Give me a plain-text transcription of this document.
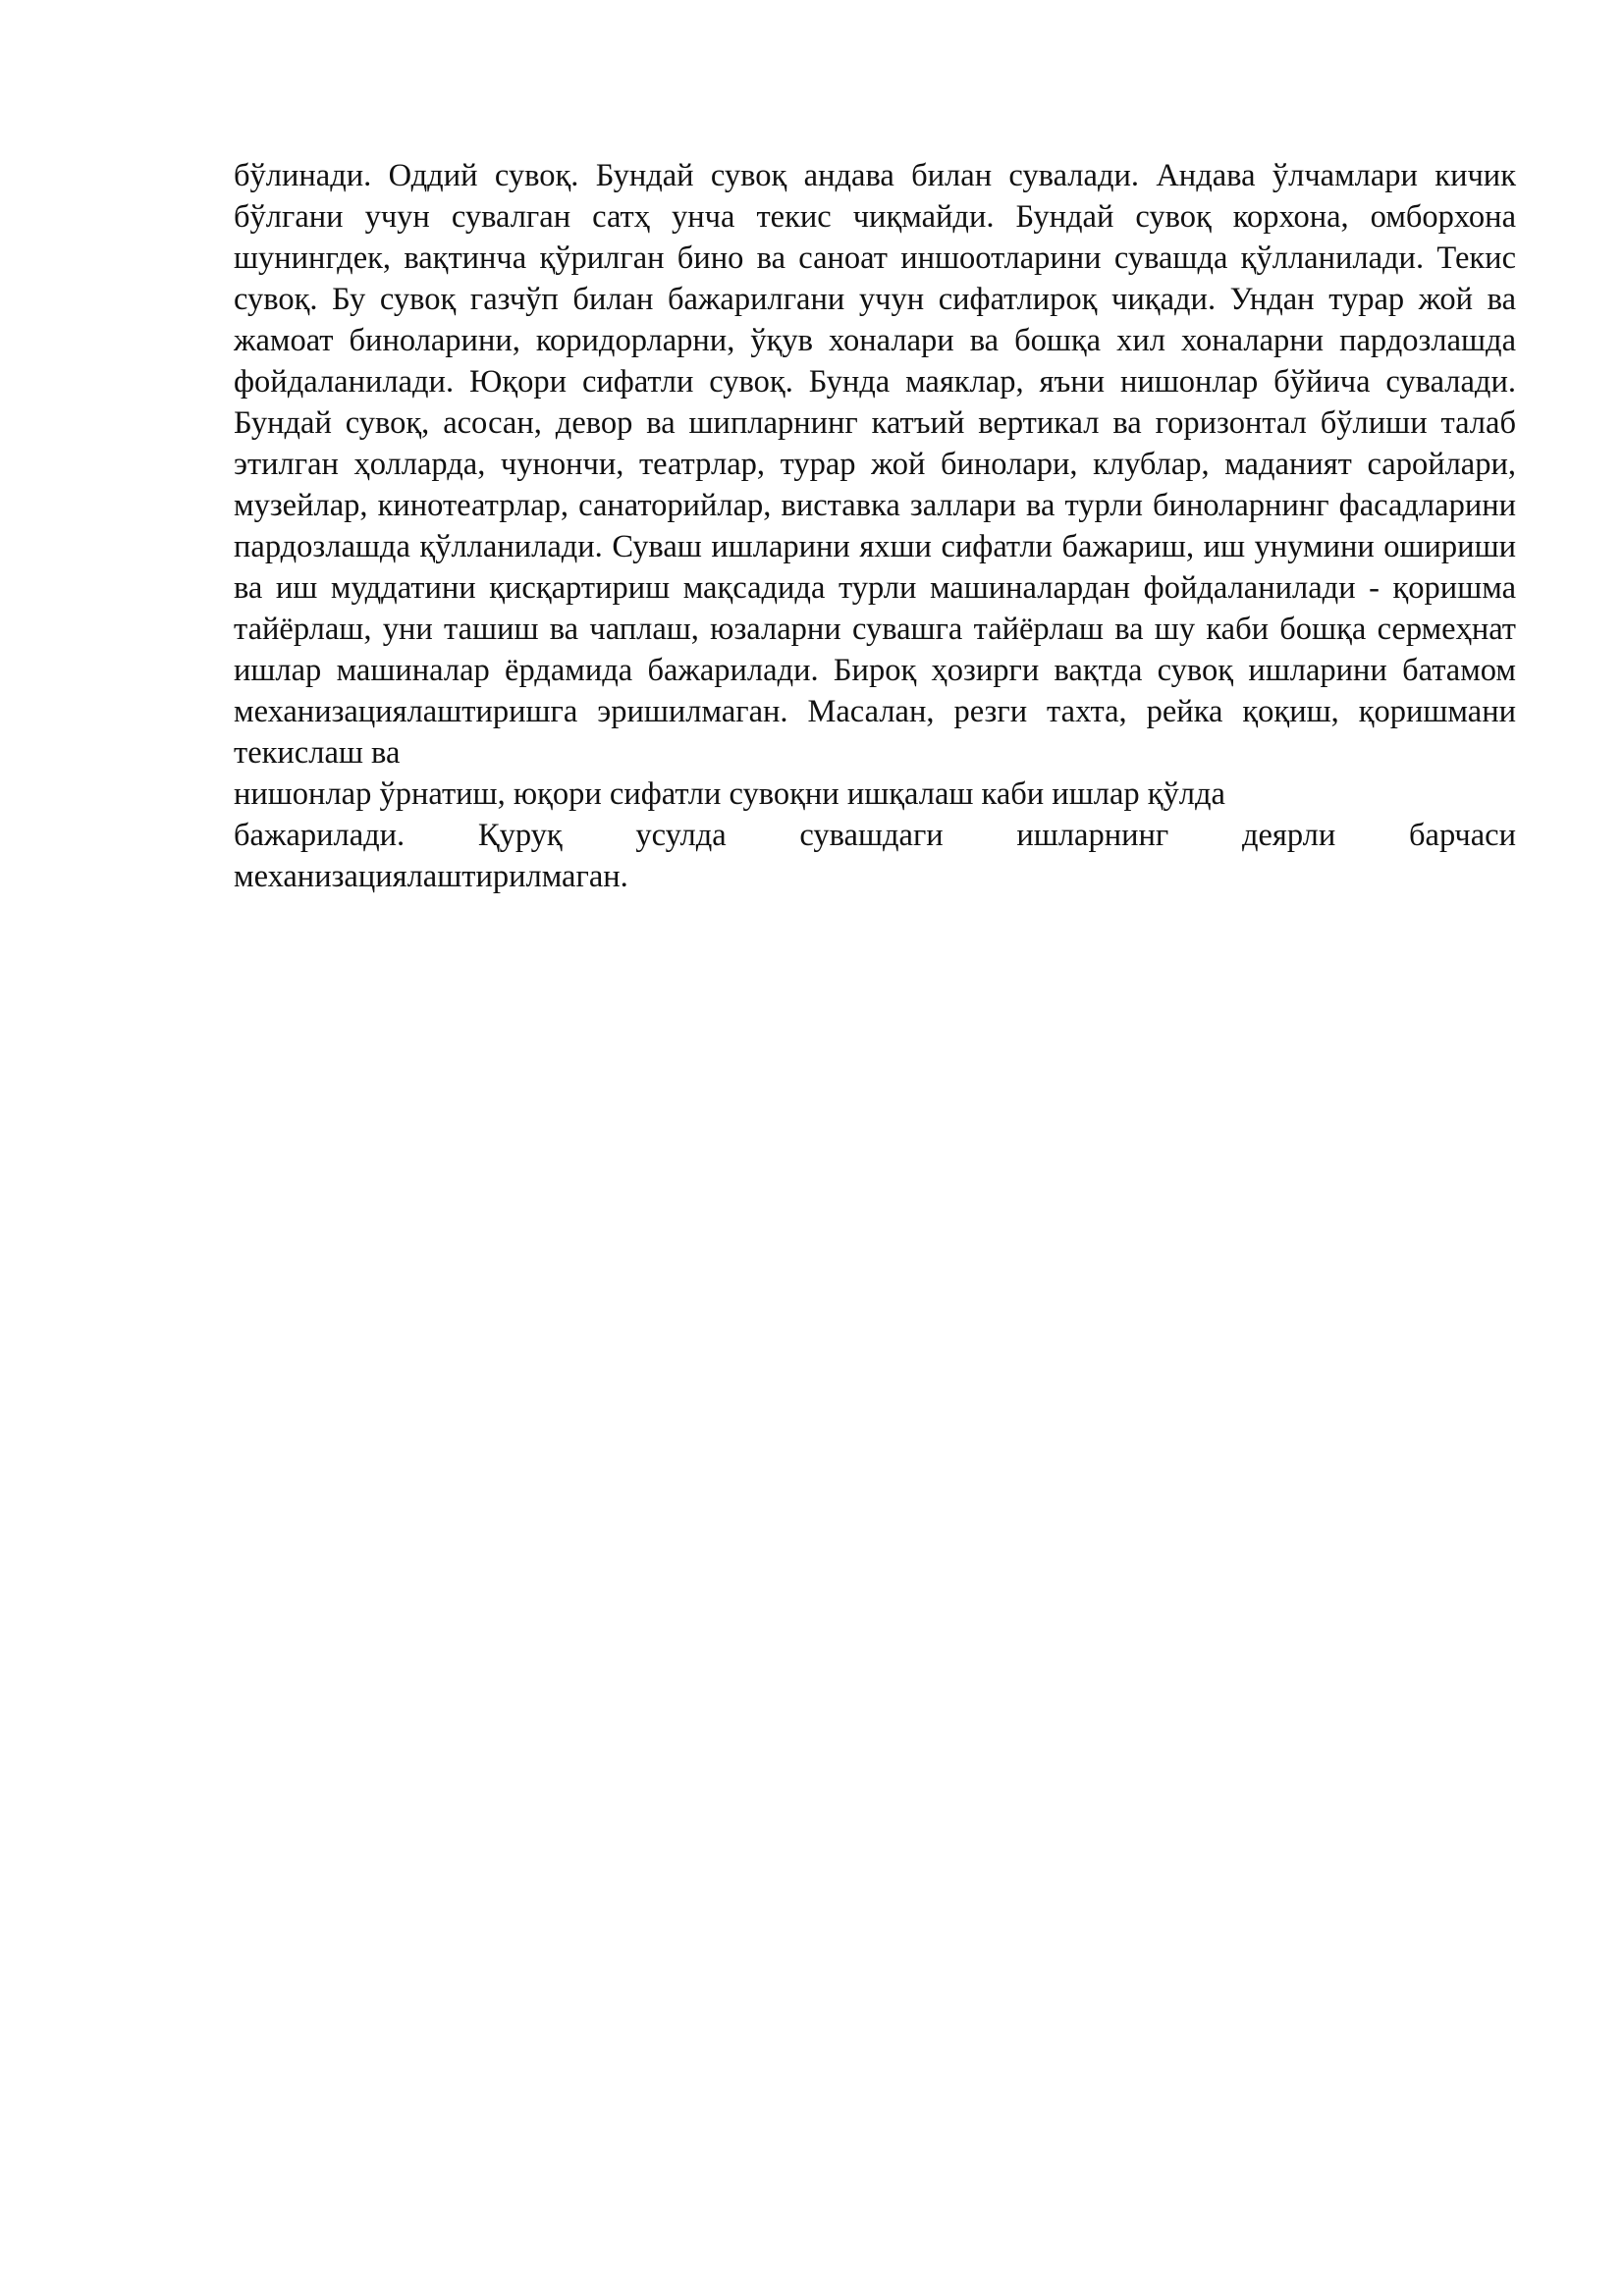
бўлинади. Оддий сувоқ. Бундай сувоқ андава билан сувалади. Андава ўлчамлари кичик бўлгани учун сувалган сатҳ унча текис чиқмайди. Бундай сувоқ корхона, омборхона шунингдек, вақтинча қўрилган бино ва саноат иншоотларини сувашда қўлланилади. Текис сувоқ. Бу сувоқ газчўп билан бажарилгани учун сифатлироқ чиқади. Ундан турар жой ва жамоат биноларини, коридорларни, ўқув хоналари ва бошқа хил хоналарни пардозлашда фойдаланилади. Юқори сифатли сувоқ. Бунда маяклар, яъни нишонлар бўйича сувалади. Бундай сувоқ, асосан, девор ва шипларнинг катъий вертикал ва горизонтал бўлиши талаб этилган ҳолларда, чунончи, театрлар, турар жой бинолари, клублар, маданият саройлари, музейлар, кинотеатрлар, санаторийлар, виставка заллари ва турли биноларнинг фасадларини пардозлашда қўлланилади. Суваш ишларини яхши сифатли бажариш, иш унумини ошириши ва иш муддатини қисқартириш мақсадида турли машиналардан фойдаланилади - қоришма тайёрлаш, уни ташиш ва чаплаш, юзаларни сувашга тайёрлаш ва шу каби бошқа сермеҳнат ишлар машиналар ёрдамида бажарилади. Бироқ ҳозирги вақтда сувоқ ишларини батамом механизациялаштиришга эришилмаган. Масалан, резги тахта, рейка қоқиш, қоришмани текислаш ва

нишонлар ўрнатиш, юқори сифатли сувоқни ишқалаш каби ишлар қўлда
бажарилади. Қуруқ усулда сувашдаги ишларнинг деярли барчаси
механизациялаштирилмаган.
